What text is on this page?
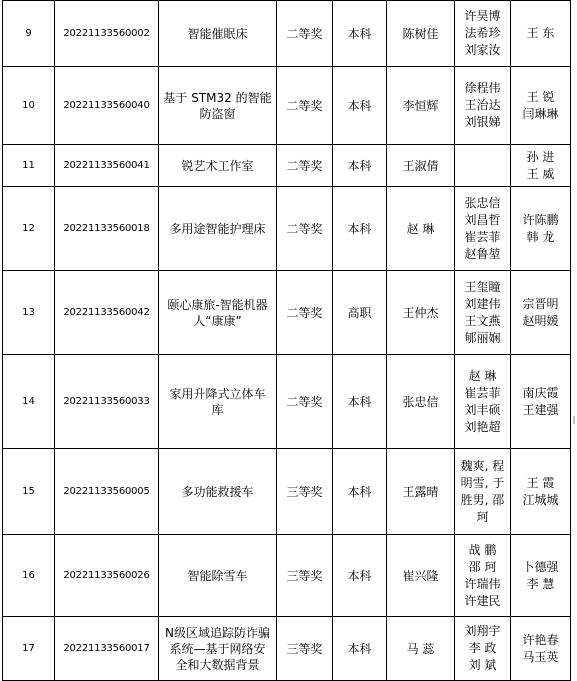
9	20221133560002	智能催眠床	二等奖	本科	陈树佳	许昊博
法希珍
刘家汝	王 东

10	20221133560040	基于 STM32 的智能
防盗窗	二等奖	本科	李恒辉	徐程伟
王治达
刘银娣	王 锐
闫琳琳

11	20221133560041	锐艺术工作室	二等奖	本科	王淑倩		孙 进
王 威

12	20221133560018	多用途智能护理床	二等奖	本科	赵 琳	张忠信
刘昌哲
崔芸菲
赵鲁堃	许陈鹏
韩 龙

13	20221133560042	颐心康旅-智能机器
人“康康”	二等奖	高职	王仲杰	王玺瞳
刘建伟
王文燕
郇丽娴	宗晋明
赵明媛

14	20221133560033	家用升降式立体车
库	二等奖	本科	张忠信	赵 琳
崔芸菲
刘丰硕
刘艳超	南庆霞
王建强

15	20221133560005	多功能救援车	三等奖	本科	王露晴	魏爽, 程
明雪, 于
胜男, 邵
珂	王 霞
江城城

16	20221133560026	智能除雪车	三等奖	本科	崔兴隆	战 鹏
邵 珂
许瑞伟
许建民	卜德强
李 慧

17	20221133560017	N级区域追踪防诈骗
系统—基于网络安
全和大数据背景	三等奖	本科	马 蕊	刘翔宇
李 政
刘 斌	许艳春
马玉英
